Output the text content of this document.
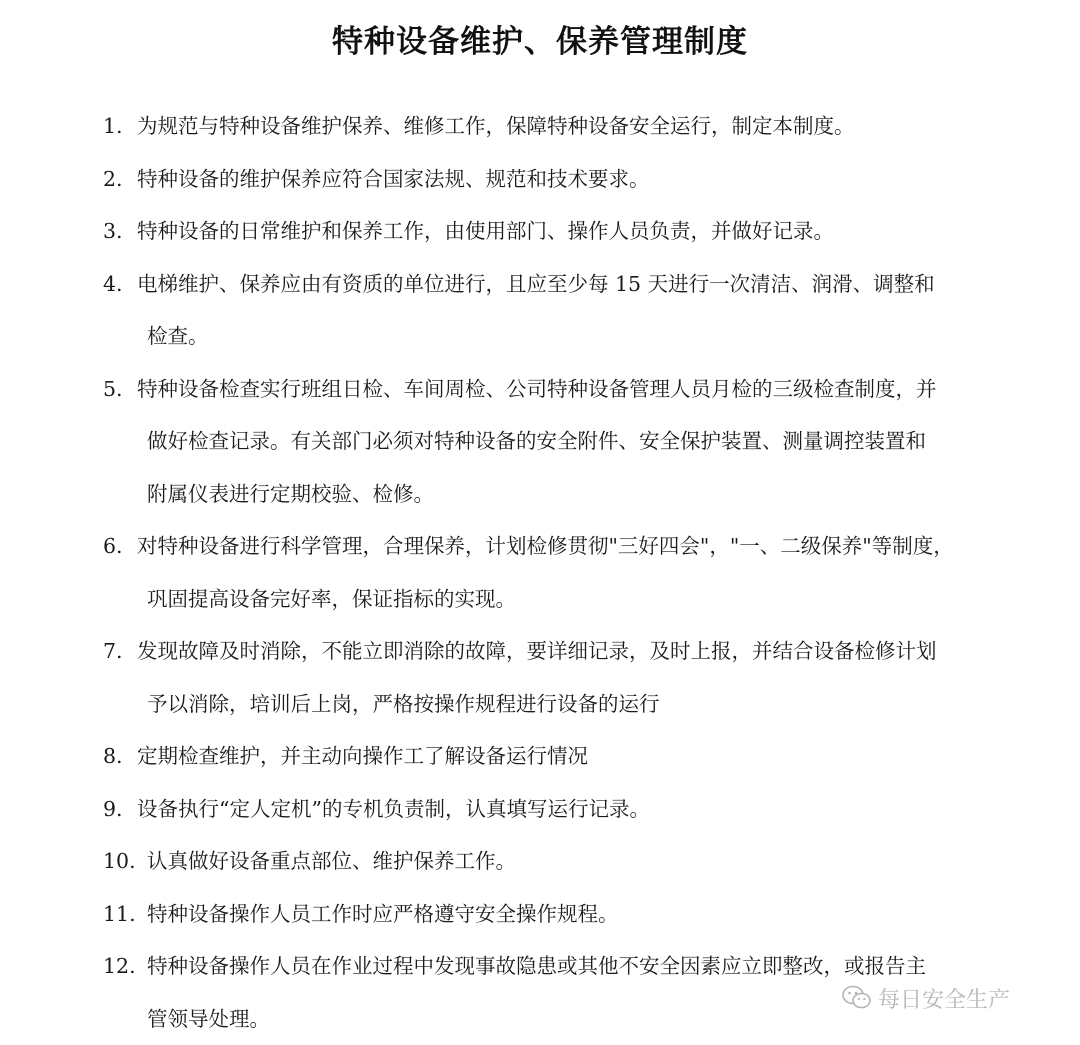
特种设备维护、保养管理制度
1. 为规范与特种设备维护保养、维修工作，保障特种设备安全运行，制定本制度。
2. 特种设备的维护保养应符合国家法规、规范和技术要求。
3. 特种设备的日常维护和保养工作，由使用部门、操作人员负责，并做好记录。
4. 电梯维护、保养应由有资质的单位进行，且应至少每 15 天进行一次清洁、润滑、调整和
检查。
5. 特种设备检查实行班组日检、车间周检、公司特种设备管理人员月检的三级检查制度，并
做好检查记录。有关部门必须对特种设备的安全附件、安全保护装置、测量调控装置和
附属仪表进行定期校验、检修。
6. 对特种设备进行科学管理，合理保养，计划检修贯彻"三好四会"，"一、二级保养"等制度，
巩固提高设备完好率，保证指标的实现。
7. 发现故障及时消除，不能立即消除的故障，要详细记录，及时上报，并结合设备检修计划
予以消除，培训后上岗，严格按操作规程进行设备的运行
8. 定期检查维护，并主动向操作工了解设备运行情况
9. 设备执行“定人定机”的专机负责制，认真填写运行记录。
10. 认真做好设备重点部位、维护保养工作。
11. 特种设备操作人员工作时应严格遵守安全操作规程。
12. 特种设备操作人员在作业过程中发现事故隐患或其他不安全因素应立即整改，或报告主
管领导处理。
每日安全生产
